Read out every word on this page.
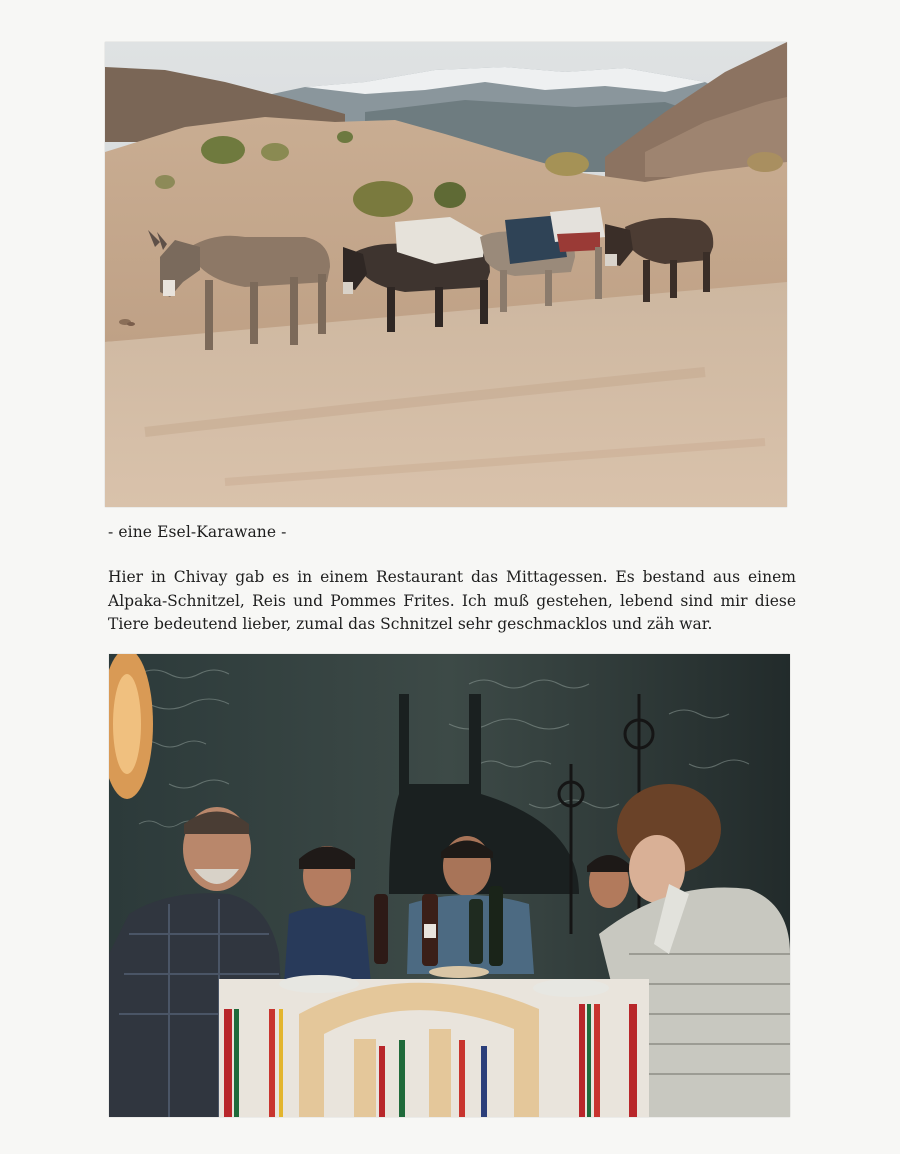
- eine Esel-Karawane -

Hier in Chivay gab es in einem Restaurant das Mittagessen. Es bestand aus einem Alpaka-Schnitzel, Reis und Pommes Frites. Ich muß gestehen, lebend sind mir diese Tiere bedeutend lieber, zumal das Schnitzel sehr geschmacklos und zäh war.
